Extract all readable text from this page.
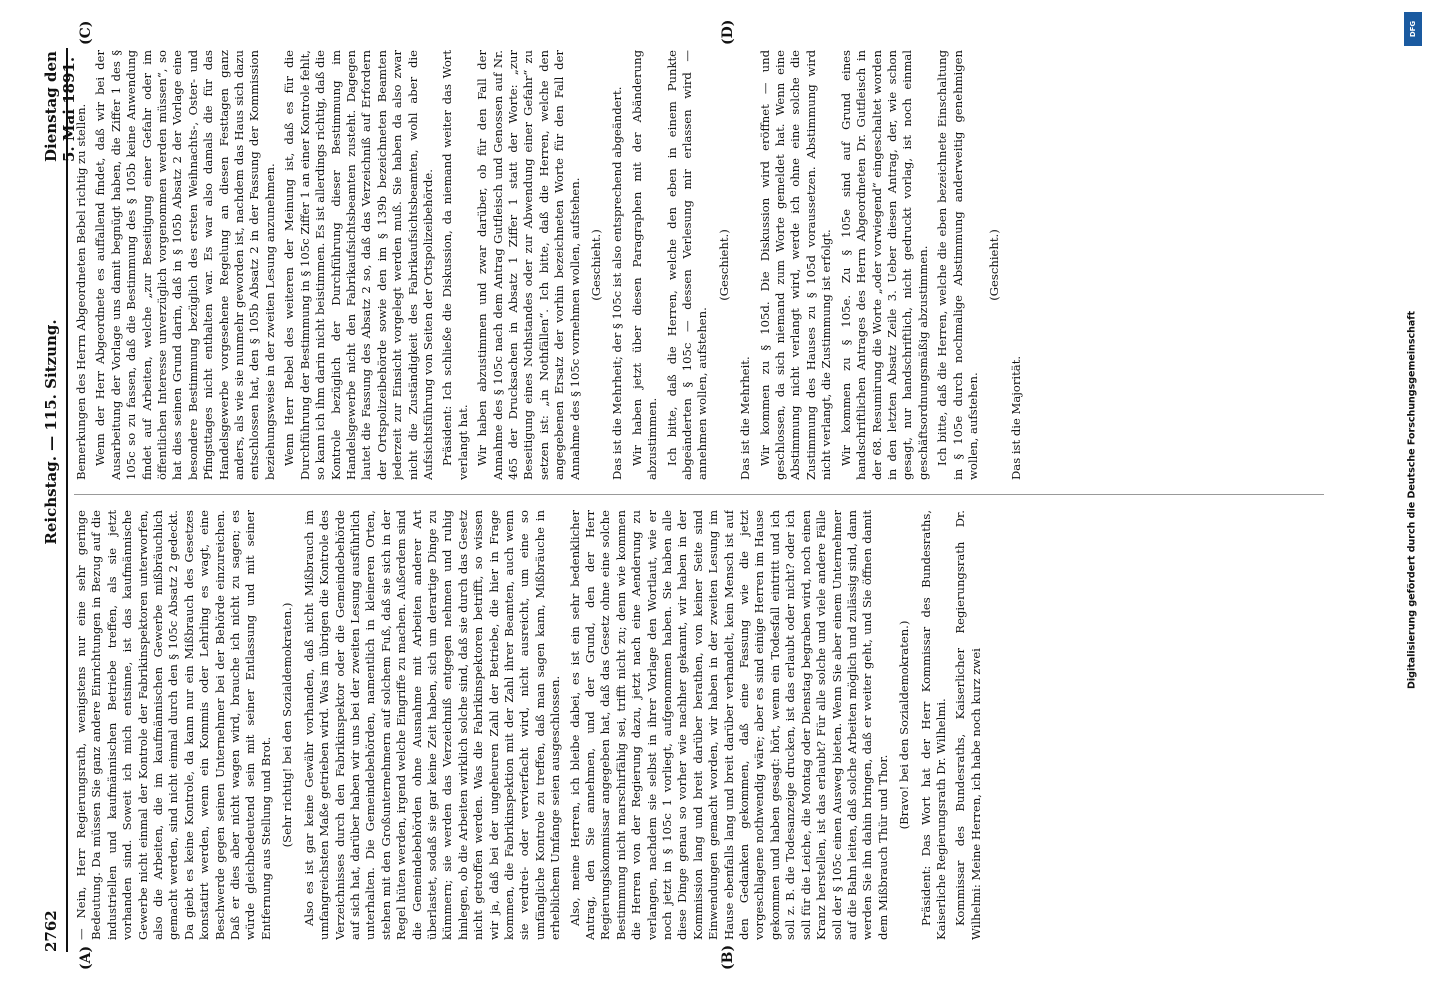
2762
Reichstag. — 115. Sitzung.
Dienstag den 5. Mai 1891.
(A)	(B)
(C)	(D)

— Nein, Herr Regierungsrath, wenigstens nur eine sehr geringe Bedeutung. Da müssen Sie ganz andere Einrichtungen in Bezug auf die industriellen und kaufmännischen Betriebe treffen, als sie jetzt vorhanden sind. Soweit ich mich entsinne, ist das kaufmännische Gewerbe nicht einmal der Kontrole der Fabrikinspektoren unterworfen, also die Arbeiten, die im kaufmännischen Gewerbe mißbräuchlich gemacht werden, sind nicht einmal durch den § 105c Absatz 2 gedeckt. Da giebt es keine Kontrole, da kann nur ein Mißbrauch des Gesetzes konstatirt werden, wenn ein Kommis oder Lehrling es wagt, eine Beschwerde gegen seinen Unternehmer bei der Behörde einzureichen. Daß er dies aber nicht wagen wird, brauche ich nicht zu sagen; es würde gleichbedeutend sein mit seiner Entlassung und mit seiner Entfernung aus Stellung und Brot. (Sehr richtig! bei den Sozialdemokraten.) Also es ist gar keine Gewähr vorhanden, daß nicht Mißbrauch im umfangreichsten Maße getrieben wird. Was im übrigen die Kontrole des Verzeichnisses durch den Fabrikinspektor oder die Gemeindebehörde auf sich hat, darüber haben wir uns bei der zweiten Lesung ausführlich unterhalten. Die Gemeindebehörden, namentlich in kleineren Orten, stehen mit den Großunternehmern auf solchem Fuß, daß sie sich in der Regel hüten werden, irgend welche Eingriffe zu machen. Außerdem sind die Gemeindebehörden ohne Ausnahme mit Arbeiten anderer Art überlastet, sodaß sie gar keine Zeit haben, sich um derartige Dinge zu kümmern; sie werden das Verzeichniß entgegen nehmen und ruhig hinlegen, ob die Arbeiten wirklich solche sind, daß sie durch das Gesetz nicht getroffen werden. Was die Fabrikinspektoren betrifft, so wissen wir ja, daß bei der ungeheuren Zahl der Betriebe, die hier in Frage kommen, die Fabrikinspektion mit der Zahl ihrer Beamten, auch wenn sie verdrei- oder vervierfacht wird, nicht ausreicht, um eine so umfängliche Kontrole zu treffen, daß man sagen kann, Mißbräuche in erheblichem Umfange seien ausgeschlossen. Also, meine Herren, ich bleibe dabei, es ist ein sehr bedenklicher Antrag, den Sie annehmen, und der Grund, den der Herr Regierungskommissar angegeben hat, daß das Gesetz ohne eine solche Bestimmung nicht marschirfähig sei, trifft nicht zu; denn wie kommen die Herren von der Regierung dazu, jetzt nach eine Aenderung zu verlangen, nachdem sie selbst in ihrer Vorlage den Wortlaut, wie er noch jetzt in § 105c 1 vorliegt, aufgenommen haben. Sie haben alle diese Dinge genau so vorher wie nachher gekannt, wir haben in der Kommission lang und breit darüber berathen, von keiner Seite sind Einwendungen gemacht worden, wir haben in der zweiten Lesung im Hause ebenfalls lang und breit darüber verhandelt, kein Mensch ist auf den Gedanken gekommen, daß eine Fassung wie die jetzt vorgeschlagene nothwendig wäre; aber es sind einige Herren im Hause gekommen und haben gesagt: hört, wenn ein Todesfall eintritt und ich soll z. B. die Todesanzeige drucken, ist das erlaubt oder nicht? oder ich soll für die Leiche, die Montag oder Dienstag begraben wird, noch einen Kranz herstellen, ist das erlaubt? Für alle solche und viele andere Fälle soll der § 105c einen Ausweg bieten. Wenn Sie aber einem Unternehmer auf die Bahn leiten, daß solche Arbeiten möglich und zulässig sind, dann werden Sie ihn dahin bringen, daß er weiter geht, und Sie öffnen damit dem Mißbrauch Thür und Thor.

(Bravo! bei den Sozialdemokraten.) Präsident: Das Wort hat der Herr Kommissar des Bundesraths, Kaiserliche Regierungsrath Dr. Wilhelmi. Kommissar des Bundesraths, Kaiserlicher Regierungsrath Dr. Wilhelmi: Meine Herren, ich habe noch kurz zwei

Bemerkungen des Herrn Abgeordneten Bebel richtig zu stellen. Wenn der Herr Abgeordnete es auffallend findet, daß wir bei der Ausarbeitung der Vorlage uns damit begnügt haben, die Ziffer 1 des § 105c so zu fassen, daß die Bestimmung des § 105b keine Anwendung findet auf Arbeiten, welche „zur Beseitigung einer Gefahr oder im öffentlichen Interesse unverzüglich vorgenommen werden müssen“, so hat dies seinen Grund darin, daß in § 105b Absatz 2 der Vorlage eine besondere Bestimmung bezüglich des ersten Weihnachts-, Oster- und Pfingsttages nicht enthalten war. Es war also damals die für das Handelsgewerbe vorgesehene Regelung an diesen Festtagen ganz anders, als wie sie nunmehr geworden ist, nachdem das Haus sich dazu entschlossen hat, den § 105b Absatz 2 in der Fassung der Kommission beziehungsweise in der zweiten Lesung anzunehmen. Wenn Herr Bebel des weiteren der Meinung ist, daß es für die Durchführung der Bestimmung in § 105c Ziffer 1 an einer Kontrole fehlt, so kann ich ihm darin nicht beistimmen. Es ist allerdings richtig, daß die Kontrole bezüglich der Durchführung dieser Bestimmung im Handelsgewerbe nicht den Fabrikaufsichtsbeamten zusteht. Dagegen lautet die Fassung des Absatz 2 so, daß das Verzeichniß auf Erfordern der Ortspolizeibehörde sowie den im § 139b bezeichneten Beamten jederzeit zur Einsicht vorgelegt werden muß. Sie haben da also zwar nicht die Zuständigkeit des Fabrikaufsichtsbeamten, wohl aber die Aufsichtsführung von Seiten der Ortspolizeibehörde. Präsident: Ich schließe die Diskussion, da niemand weiter das Wort verlangt hat. Wir haben abzustimmen und zwar darüber, ob für den Fall der Annahme des § 105c nach dem Antrag Gutfleisch und Genossen auf Nr. 465 der Drucksachen in Absatz 1 Ziffer 1 statt der Worte: „zur Beseitigung eines Nothstandes oder zur Abwendung einer Gefahr“ zu setzen ist: „in Nothfällen“. Ich bitte, daß die Herren, welche den angegebenen Ersatz der vorhin bezeichneten Worte für den Fall der Annahme des § 105c vornehmen wollen, aufstehen. (Geschieht.) Das ist die Mehrheit; der § 105c ist also entsprechend abgeändert. Wir haben jetzt über diesen Paragraphen mit der Abänderung abzustimmen. Ich bitte, daß die Herren, welche den eben in einem Punkte abgeänderten § 105c — dessen Verlesung mir erlassen wird — annehmen wollen, aufstehen.

(Geschieht.)

Das ist die Mehrheit. Wir kommen zu § 105d. Die Diskussion wird eröffnet — und geschlossen, da sich niemand zum Worte gemeldet hat. Wenn eine Abstimmung nicht verlangt wird, werde ich ohne eine solche die Zustimmung des Hauses zu § 105d voraussetzen. Abstimmung wird nicht verlangt, die Zustimmung ist erfolgt. Wir kommen zu § 105e. Zu § 105e sind auf Grund eines handschriftlichen Antrages des Herrn Abgeordneten Dr. Gutfleisch in der 68. Resumirung die Worte „oder vorwiegend“ eingeschaltet worden in den letzten Absatz Zeile 3. Ueber diesen Antrag, der, wie schon gesagt, nur handschriftlich, nicht gedruckt vorlag, ist noch einmal geschäftsordnungsmäßig abzustimmen. Ich bitte, daß die Herren, welche die eben bezeichnete Einschaltung in § 105e durch nochmalige Abstimmung anderweitig genehmigen wollen, aufstehen.

(Geschieht.)

Das ist die Majorität.	Digitalisierung gefördert durch die Deutsche Forschungsgemeinschaft
DFG
